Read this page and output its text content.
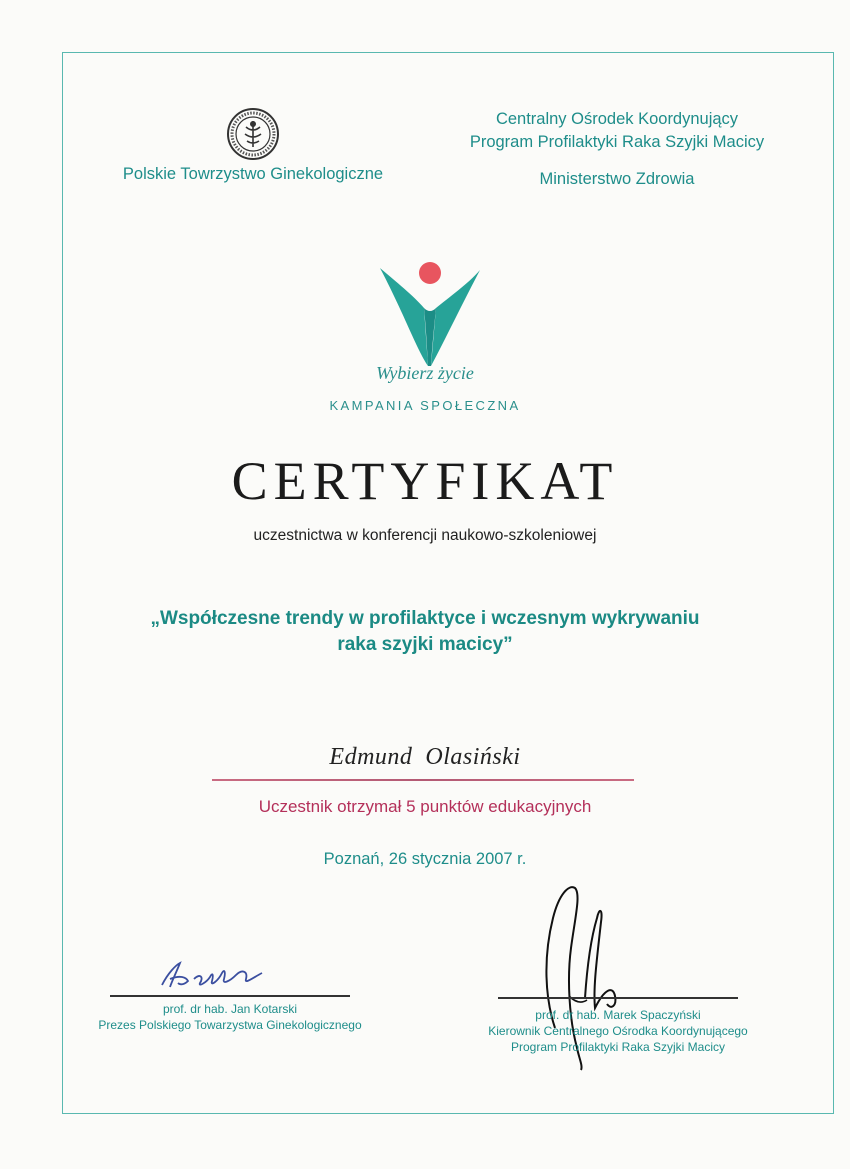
Polskie Towrzystwo Ginekologiczne
Centralny Ośrodek Koordynujący
Program Profilaktyki Raka Szyjki Macicy
Ministerstwo Zdrowia
Wybierz życie
KAMPANIA SPOŁECZNA
CERTYFIKAT
uczestnictwa w konferencji naukowo-szkoleniowej
„Współczesne trendy w profilaktyce i wczesnym wykrywaniu
raka szyjki macicy”
Edmund  Olasiński
Uczestnik otrzymał 5 punktów edukacyjnych
Poznań, 26 stycznia 2007 r.
prof. dr hab. Jan Kotarski
Prezes Polskiego Towarzystwa Ginekologicznego
prof. dr hab. Marek Spaczyński
Kierownik Centralnego Ośrodka Koordynującego
Program Profilaktyki Raka Szyjki Macicy
